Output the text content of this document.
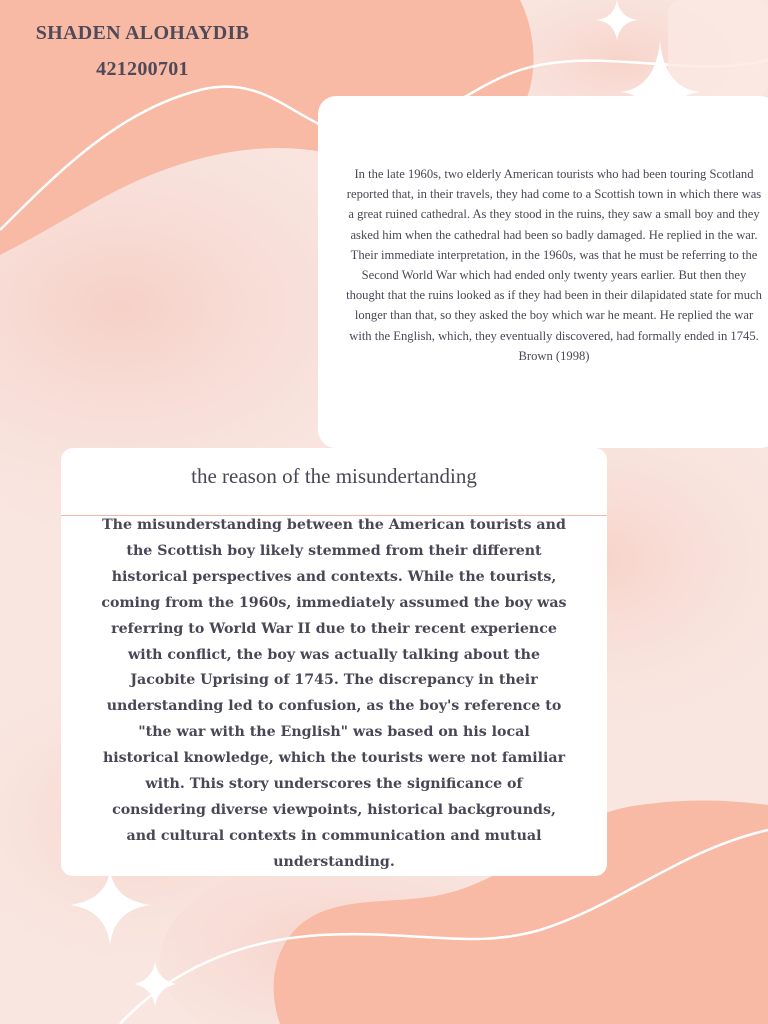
SHADEN ALOHAYDIB
421200701
In the late 1960s, two elderly American tourists who had been touring Scotland reported that, in their travels, they had come to a Scottish town in which there was a great ruined cathedral. As they stood in the ruins, they saw a small boy and they asked him when the cathedral had been so badly damaged. He replied in the war. Their immediate interpretation, in the 1960s, was that he must be referring to the Second World War which had ended only twenty years earlier. But then they thought that the ruins looked as if they had been in their dilapidated state for much longer than that, so they asked the boy which war he meant. He replied the war with the English, which, they eventually discovered, had formally ended in 1745.
Brown (1998)
the reason of the misundertanding
The misunderstanding between the American tourists and the Scottish boy likely stemmed from their different historical perspectives and contexts. While the tourists, coming from the 1960s, immediately assumed the boy was referring to World War II due to their recent experience with conflict, the boy was actually talking about the Jacobite Uprising of 1745. The discrepancy in their understanding led to confusion, as the boy's reference to "the war with the English" was based on his local historical knowledge, which the tourists were not familiar with. This story underscores the significance of considering diverse viewpoints, historical backgrounds, and cultural contexts in communication and mutual understanding.
